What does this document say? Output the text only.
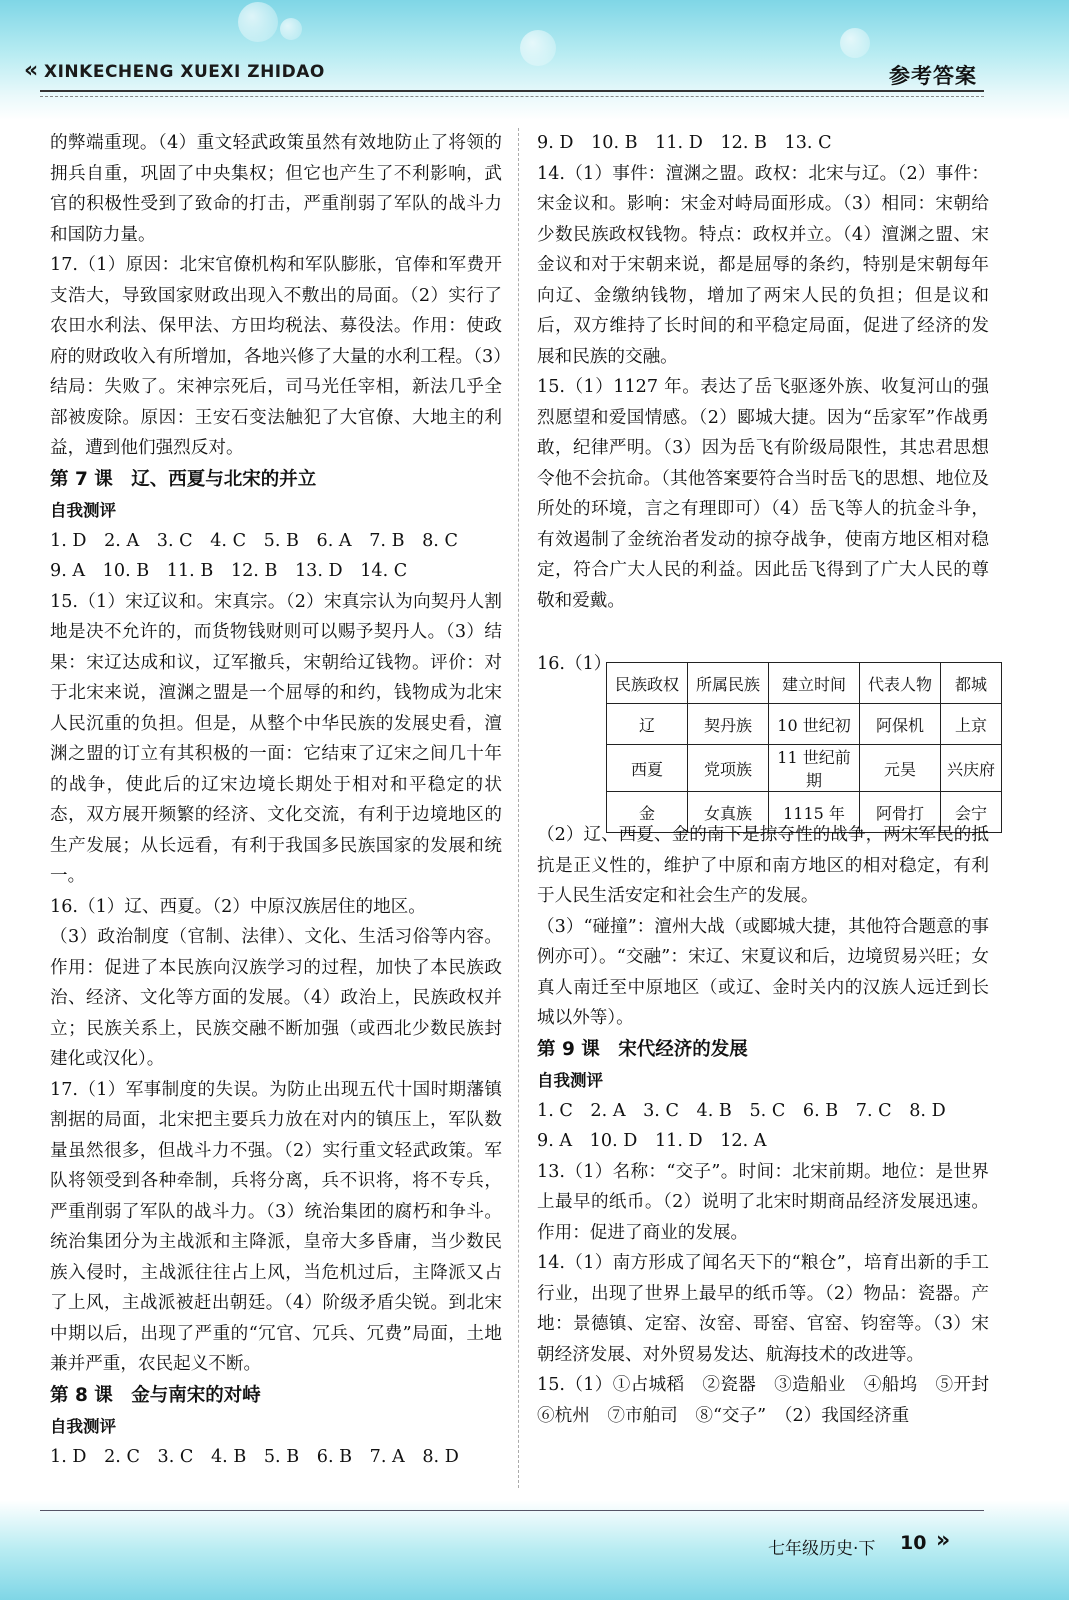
« XINKECHENG XUEXI ZHIDAO	参考答案

的弊端重现。（4）重文轻武政策虽然有效地防止了将领的拥兵自重，巩固了中央集权；但它也产生了不利影响，武官的积极性受到了致命的打击，严重削弱了军队的战斗力和国防力量。

17.（1）原因：北宋官僚机构和军队膨胀，官俸和军费开支浩大，导致国家财政出现入不敷出的局面。（2）实行了农田水利法、保甲法、方田均税法、募役法。作用：使政府的财政收入有所增加，各地兴修了大量的水利工程。（3）结局：失败了。宋神宗死后，司马光任宰相，新法几乎全部被废除。原因：王安石变法触犯了大官僚、大地主的利益，遭到他们强烈反对。

第 7 课　辽、西夏与北宋的并立

自我测评

1. D　2. A　3. C　4. C　5. B　6. A　7. B　8. C

9. A　10. B　11. B　12. B　13. D　14. C

15.（1）宋辽议和。宋真宗。（2）宋真宗认为向契丹人割地是决不允许的，而货物钱财则可以赐予契丹人。（3）结果：宋辽达成和议，辽军撤兵，宋朝给辽钱物。评价：对于北宋来说，澶渊之盟是一个屈辱的和约，钱物成为北宋人民沉重的负担。但是，从整个中华民族的发展史看，澶渊之盟的订立有其积极的一面：它结束了辽宋之间几十年的战争，使此后的辽宋边境长期处于相对和平稳定的状态，双方展开频繁的经济、文化交流，有利于边境地区的生产发展；从长远看，有利于我国多民族国家的发展和统一。

16.（1）辽、西夏。（2）中原汉族居住的地区。

（3）政治制度（官制、法律）、文化、生活习俗等内容。作用：促进了本民族向汉族学习的过程，加快了本民族政治、经济、文化等方面的发展。（4）政治上，民族政权并立；民族关系上，民族交融不断加强（或西北少数民族封建化或汉化）。

17.（1）军事制度的失误。为防止出现五代十国时期藩镇割据的局面，北宋把主要兵力放在对内的镇压上，军队数量虽然很多，但战斗力不强。（2）实行重文轻武政策。军队将领受到各种牵制，兵将分离，兵不识将，将不专兵，严重削弱了军队的战斗力。（3）统治集团的腐朽和争斗。统治集团分为主战派和主降派，皇帝大多昏庸，当少数民族入侵时，主战派往往占上风，当危机过后，主降派又占了上风，主战派被赶出朝廷。（4）阶级矛盾尖锐。到北宋中期以后，出现了严重的“冗官、冗兵、冗费”局面，土地兼并严重，农民起义不断。

第 8 课　金与南宋的对峙

自我测评

1. D　2. C　3. C　4. B　5. B　6. B　7. A　8. D

9. D　10. B　11. D　12. B　13. C

14.（1）事件：澶渊之盟。政权：北宋与辽。（2）事件：宋金议和。影响：宋金对峙局面形成。（3）相同：宋朝给少数民族政权钱物。特点：政权并立。（4）澶渊之盟、宋金议和对于宋朝来说，都是屈辱的条约，特别是宋朝每年向辽、金缴纳钱物，增加了两宋人民的负担；但是议和后，双方维持了长时间的和平稳定局面，促进了经济的发展和民族的交融。

15.（1）1127 年。表达了岳飞驱逐外族、收复河山的强烈愿望和爱国情感。（2）郾城大捷。因为“岳家军”作战勇敢，纪律严明。（3）因为岳飞有阶级局限性，其忠君思想令他不会抗命。（其他答案要符合当时岳飞的思想、地位及所处的环境，言之有理即可）（4）岳飞等人的抗金斗争，有效遏制了金统治者发动的掠夺战争，使南方地区相对稳定，符合广大人民的利益。因此岳飞得到了广大人民的尊敬和爱戴。

16.（1）
民族政权	所属民族	建立时间	代表人物	都城
辽	契丹族	10 世纪初	阿保机	上京
西夏	党项族	11 世纪前期	元昊	兴庆府
金	女真族	1115 年	阿骨打	会宁

（2）辽、西夏、金的南下是掠夺性的战争，两宋军民的抵抗是正义性的，维护了中原和南方地区的相对稳定，有利于人民生活安定和社会生产的发展。

（3）“碰撞”：澶州大战（或郾城大捷，其他符合题意的事例亦可）。“交融”：宋辽、宋夏议和后，边境贸易兴旺；女真人南迁至中原地区（或辽、金时关内的汉族人远迁到长城以外等）。

第 9 课　宋代经济的发展

自我测评

1. C　2. A　3. C　4. B　5. C　6. B　7. C　8. D

9. A　10. D　11. D　12. A

13.（1）名称：“交子”。时间：北宋前期。地位：是世界上最早的纸币。（2）说明了北宋时期商品经济发展迅速。作用：促进了商业的发展。

14.（1）南方形成了闻名天下的“粮仓”，培育出新的手工行业，出现了世界上最早的纸币等。（2）物品：瓷器。产地：景德镇、定窑、汝窑、哥窑、官窑、钧窑等。（3）宋朝经济发展、对外贸易发达、航海技术的改进等。

15.（1）①占城稻　②瓷器　③造船业　④船坞　⑤开封　⑥杭州　⑦市舶司　⑧“交子”　（2）我国经济重

七年级历史·下 10 »
